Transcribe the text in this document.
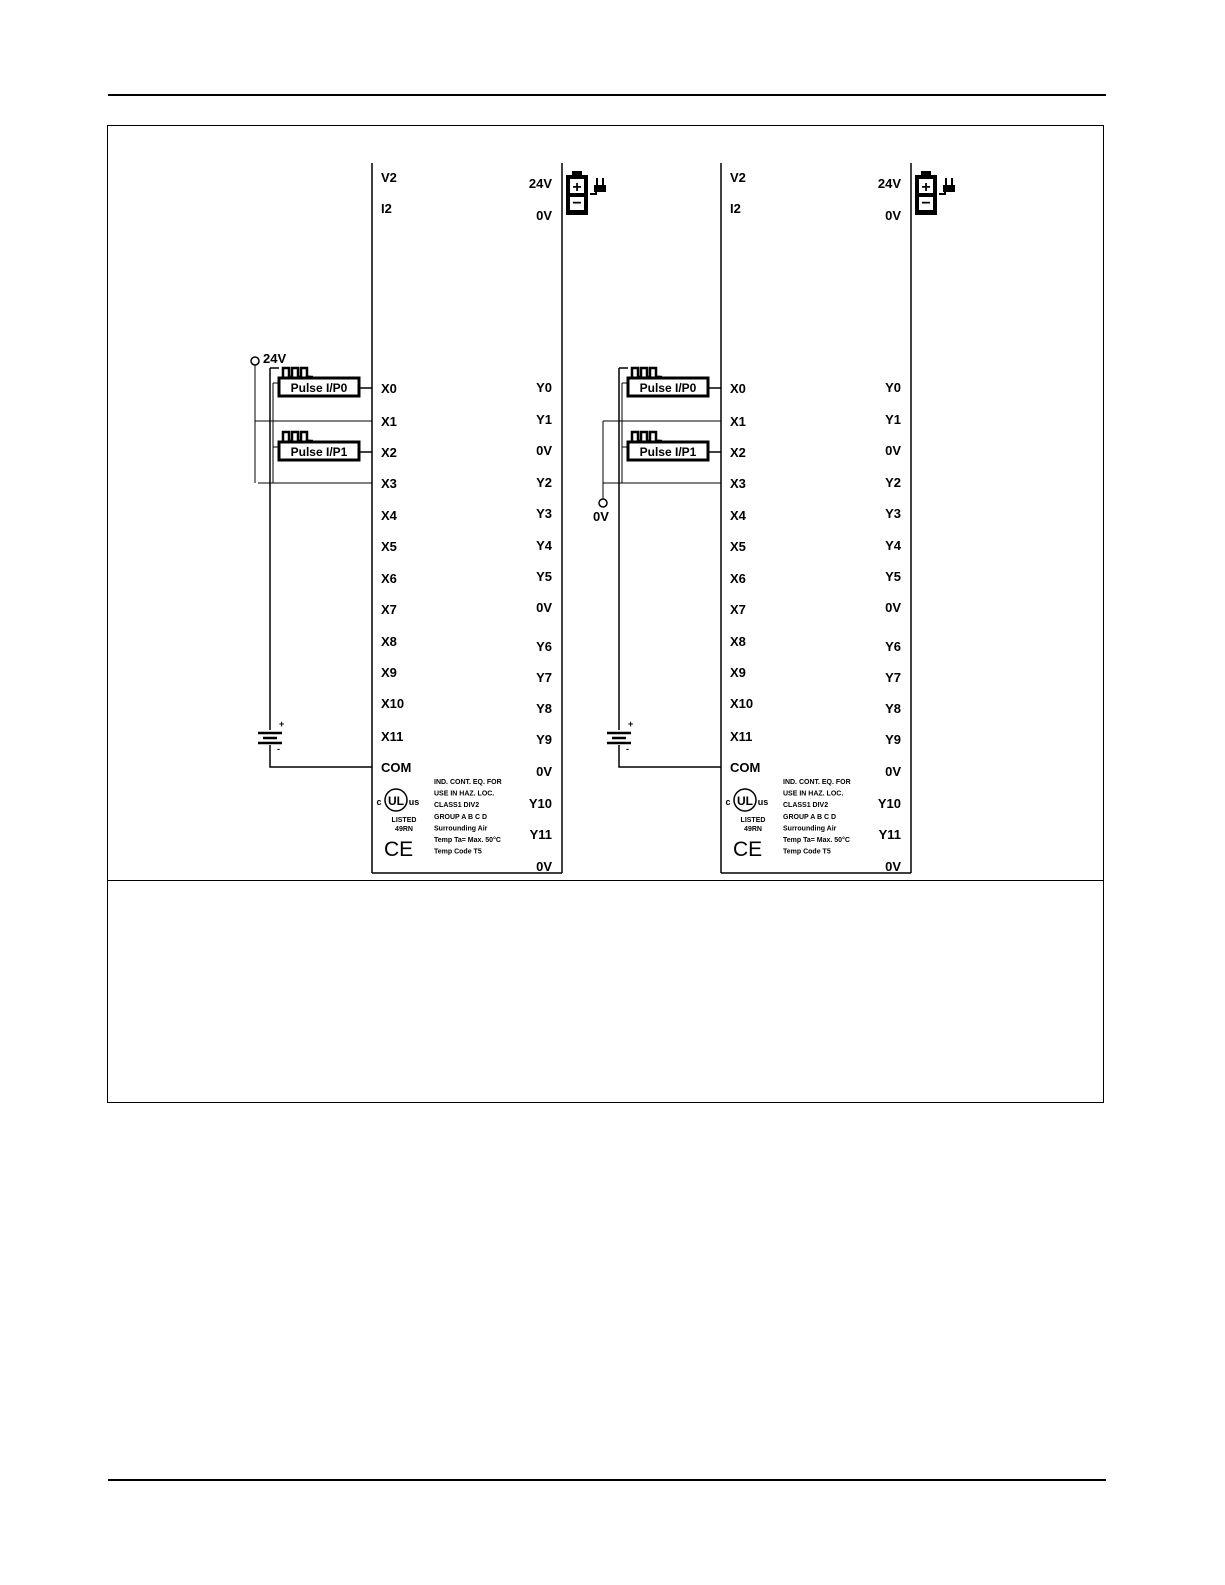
V2
I2
24V
0V
+
−
X0
X1
X2
X3
X4
X5
X6
X7
X8
X9
X10
X11
COM
Y0
Y1
0V
Y2
Y3
Y4
Y5
0V
Y6
Y7
Y8
Y9
0V
Y10
Y11
0V
Pulse I/P0
Pulse I/P1
24V
+
-
UL
c	us
LISTED
49RN
CE
IND. CONT. EQ. FOR
USE IN HAZ. LOC.
CLASS1 DIV2
GROUP A B C D
Surrounding Air
Temp Ta= Max. 50°C
Temp Code T5
V2
I2
24V
0V
+
−
X0
X1
X2
X3
X4
X5
X6
X7
X8
X9
X10
X11
COM
Y0
Y1
0V
Y2
Y3
Y4
Y5
0V
Y6
Y7
Y8
Y9
0V
Y10
Y11
0V
Pulse I/P0
Pulse I/P1
0V
+
-
UL
c	us
LISTED
49RN
CE
IND. CONT. EQ. FOR
USE IN HAZ. LOC.
CLASS1 DIV2
GROUP A B C D
Surrounding Air
Temp Ta= Max. 50°C
Temp Code T5
